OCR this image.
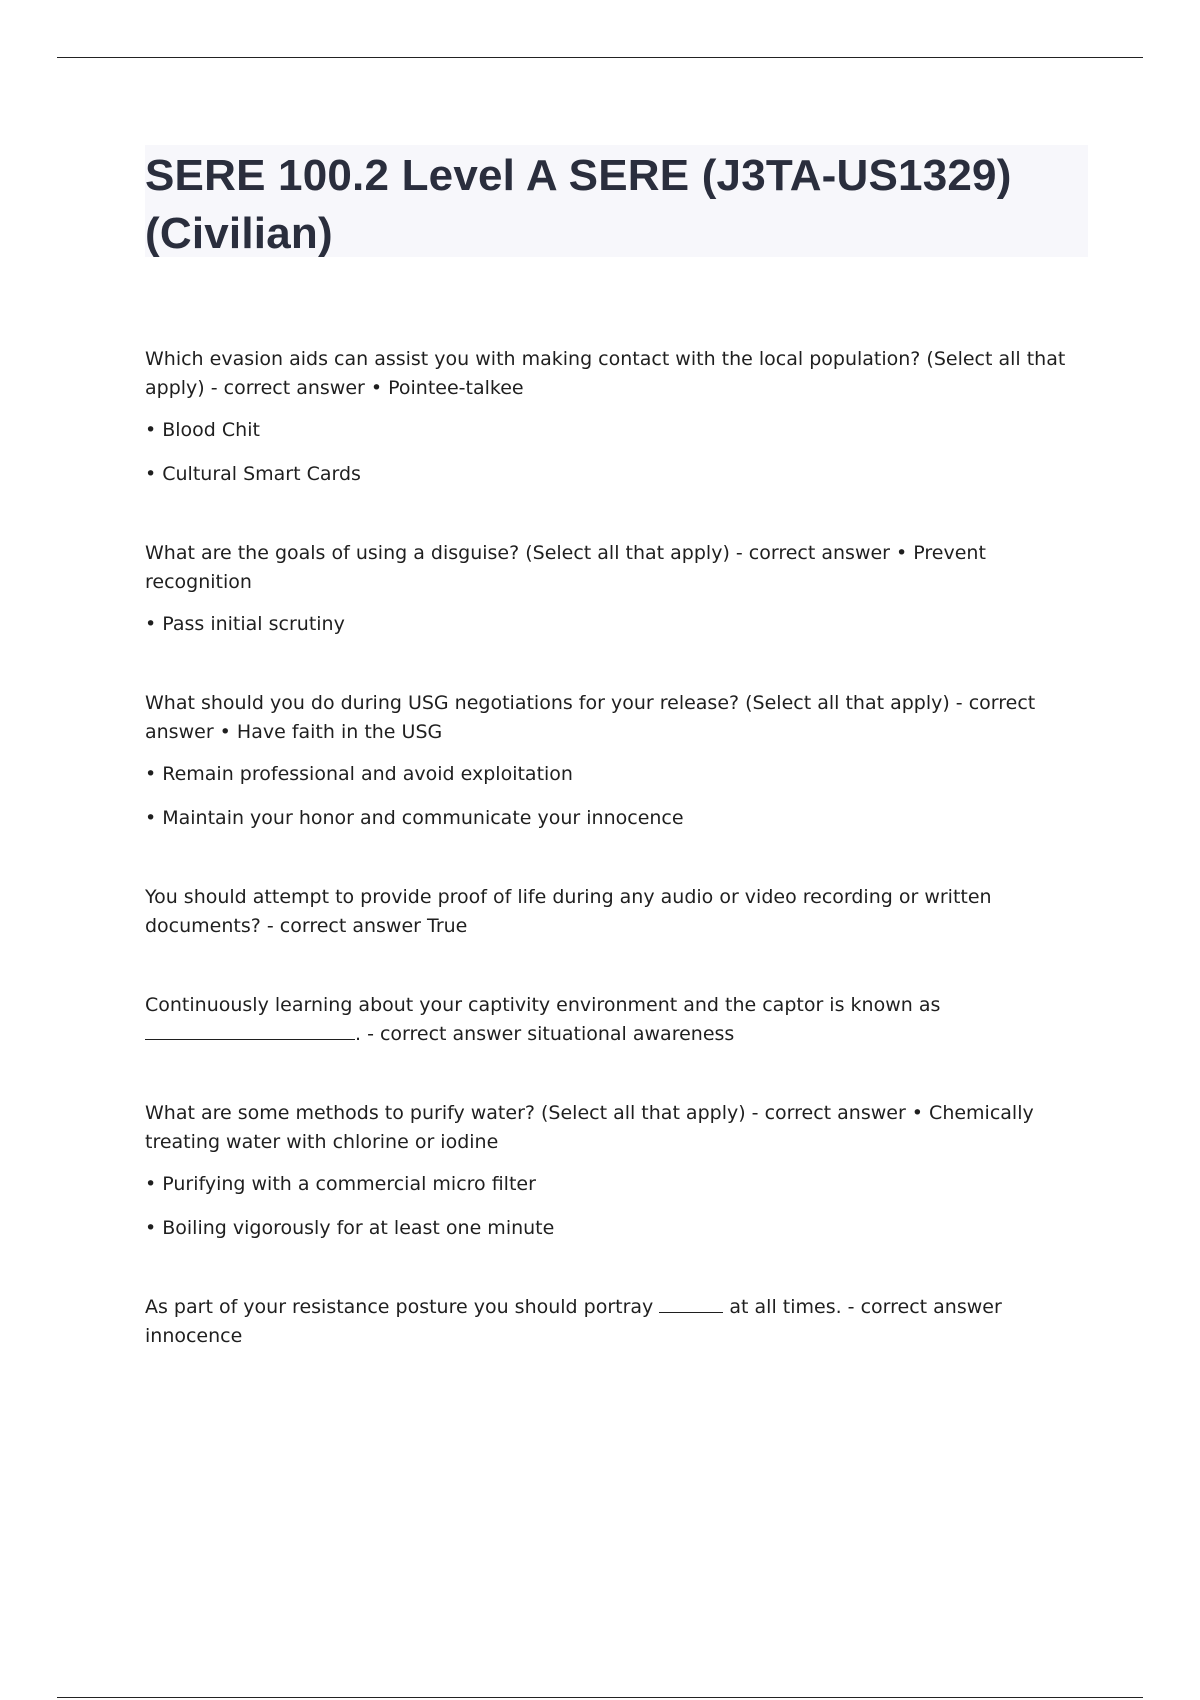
SERE 100.2 Level A SERE (J3TA-US1329) (Civilian)

Which evasion aids can assist you with making contact with the local population? (Select all that apply) - correct answer • Pointee-talkee

• Blood Chit

• Cultural Smart Cards

What are the goals of using a disguise? (Select all that apply) - correct answer • Prevent recognition

• Pass initial scrutiny

What should you do during USG negotiations for your release? (Select all that apply) - correct answer • Have faith in the USG

• Remain professional and avoid exploitation

• Maintain your honor and communicate your innocence

You should attempt to provide proof of life during any audio or video recording or written documents? - correct answer True

Continuously learning about your captivity environment and the captor is known as
. - correct answer situational awareness

What are some methods to purify water? (Select all that apply) - correct answer • Chemically treating water with chlorine or iodine

• Purifying with a commercial micro filter

• Boiling vigorously for at least one minute

As part of your resistance posture you should portray	at all times. - correct answer innocence
